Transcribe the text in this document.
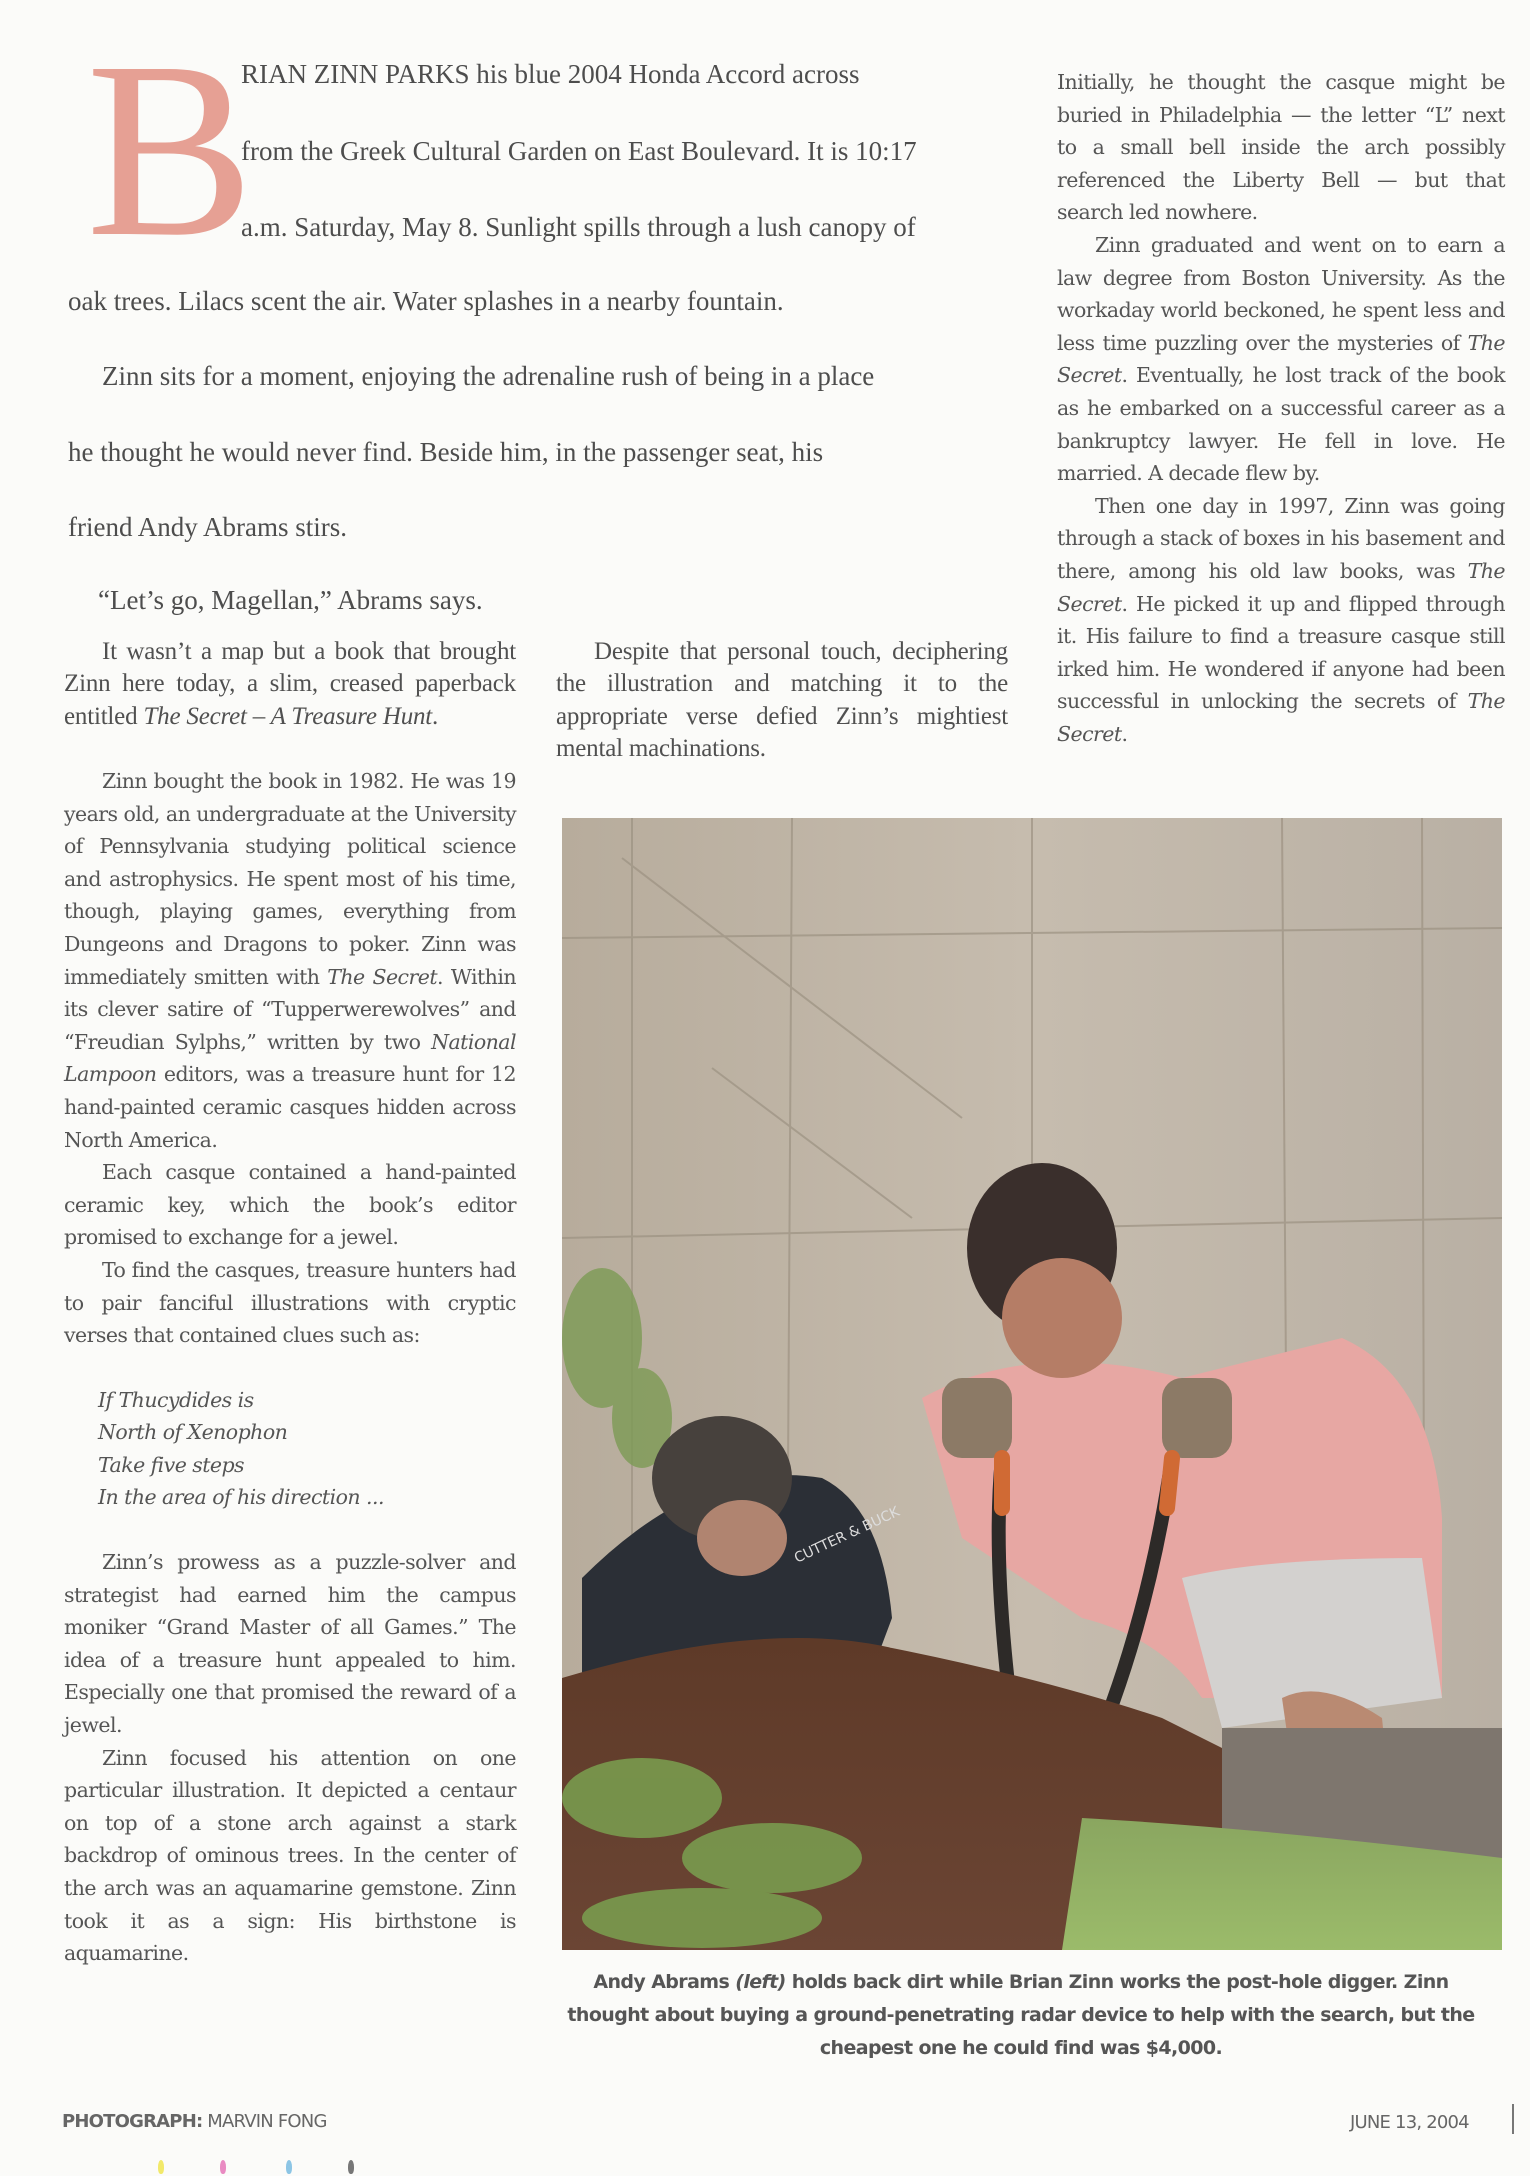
B
RIAN ZINN PARKS his blue 2004 Honda Accord across
from the Greek Cultural Garden on East Boulevard. It is 10:17
a.m. Saturday, May 8. Sunlight spills through a lush canopy of
oak trees. Lilacs scent the air. Water splashes in a nearby fountain.
Zinn sits for a moment, enjoying the adrenaline rush of being in a place
he thought he would never find. Beside him, in the passenger seat, his
friend Andy Abrams stirs.
“Let’s go, Magellan,” Abrams says.

It wasn’t a map but a book that brought Zinn here today, a slim, creased paperback entitled The Secret – A Treasure Hunt.

Zinn bought the book in 1982. He was 19 years old, an undergraduate at the University of Pennsylvania studying political science and astrophysics. He spent most of his time, though, playing games, everything from Dungeons and Dragons to poker. Zinn was immediately smitten with The Secret. Within its clever satire of “Tupperwerewolves” and “Freudian Sylphs,” written by two National Lampoon editors, was a treasure hunt for 12 hand-painted ceramic casques hidden across North America.

Each casque contained a hand-painted ceramic key, which the book’s editor promised to exchange for a jewel.

To find the casques, treasure hunters had to pair fanciful illustrations with cryptic verses that contained clues such as:

If Thucydides is
North of Xenophon
Take five steps
In the area of his direction ...

Zinn’s prowess as a puzzle-solver and strategist had earned him the campus moniker “Grand Master of all Games.” The idea of a treasure hunt appealed to him. Especially one that promised the reward of a jewel.

Zinn focused his attention on one particular illustration. It depicted a centaur on top of a stone arch against a stark backdrop of ominous trees. In the center of the arch was an aquamarine gemstone. Zinn took it as a sign: His birthstone is aquamarine.

Despite that personal touch, deciphering the illustration and matching it to the appropriate verse defied Zinn’s mightiest mental machinations.

Initially, he thought the casque might be buried in Philadelphia — the letter “L” next to a small bell inside the arch possibly referenced the Liberty Bell — but that search led nowhere.

Zinn graduated and went on to earn a law degree from Boston University. As the workaday world beckoned, he spent less and less time puzzling over the mysteries of The Secret. Eventually, he lost track of the book as he embarked on a successful career as a bankruptcy lawyer. He fell in love. He married. A decade flew by.

Then one day in 1997, Zinn was going through a stack of boxes in his basement and there, among his old law books, was The Secret. He picked it up and flipped through it. His failure to find a treasure casque still irked him. He wondered if anyone had been successful in unlocking the secrets of The Secret.

CUTTER & BUCK
Andy Abrams (left) holds back dirt while Brian Zinn works the post-hole digger. Zinn thought about buying a ground-penetrating radar device to help with the search, but the cheapest one he could find was $4,000.
PHOTOGRAPH: MARVIN FONG	JUNE 13, 2004
